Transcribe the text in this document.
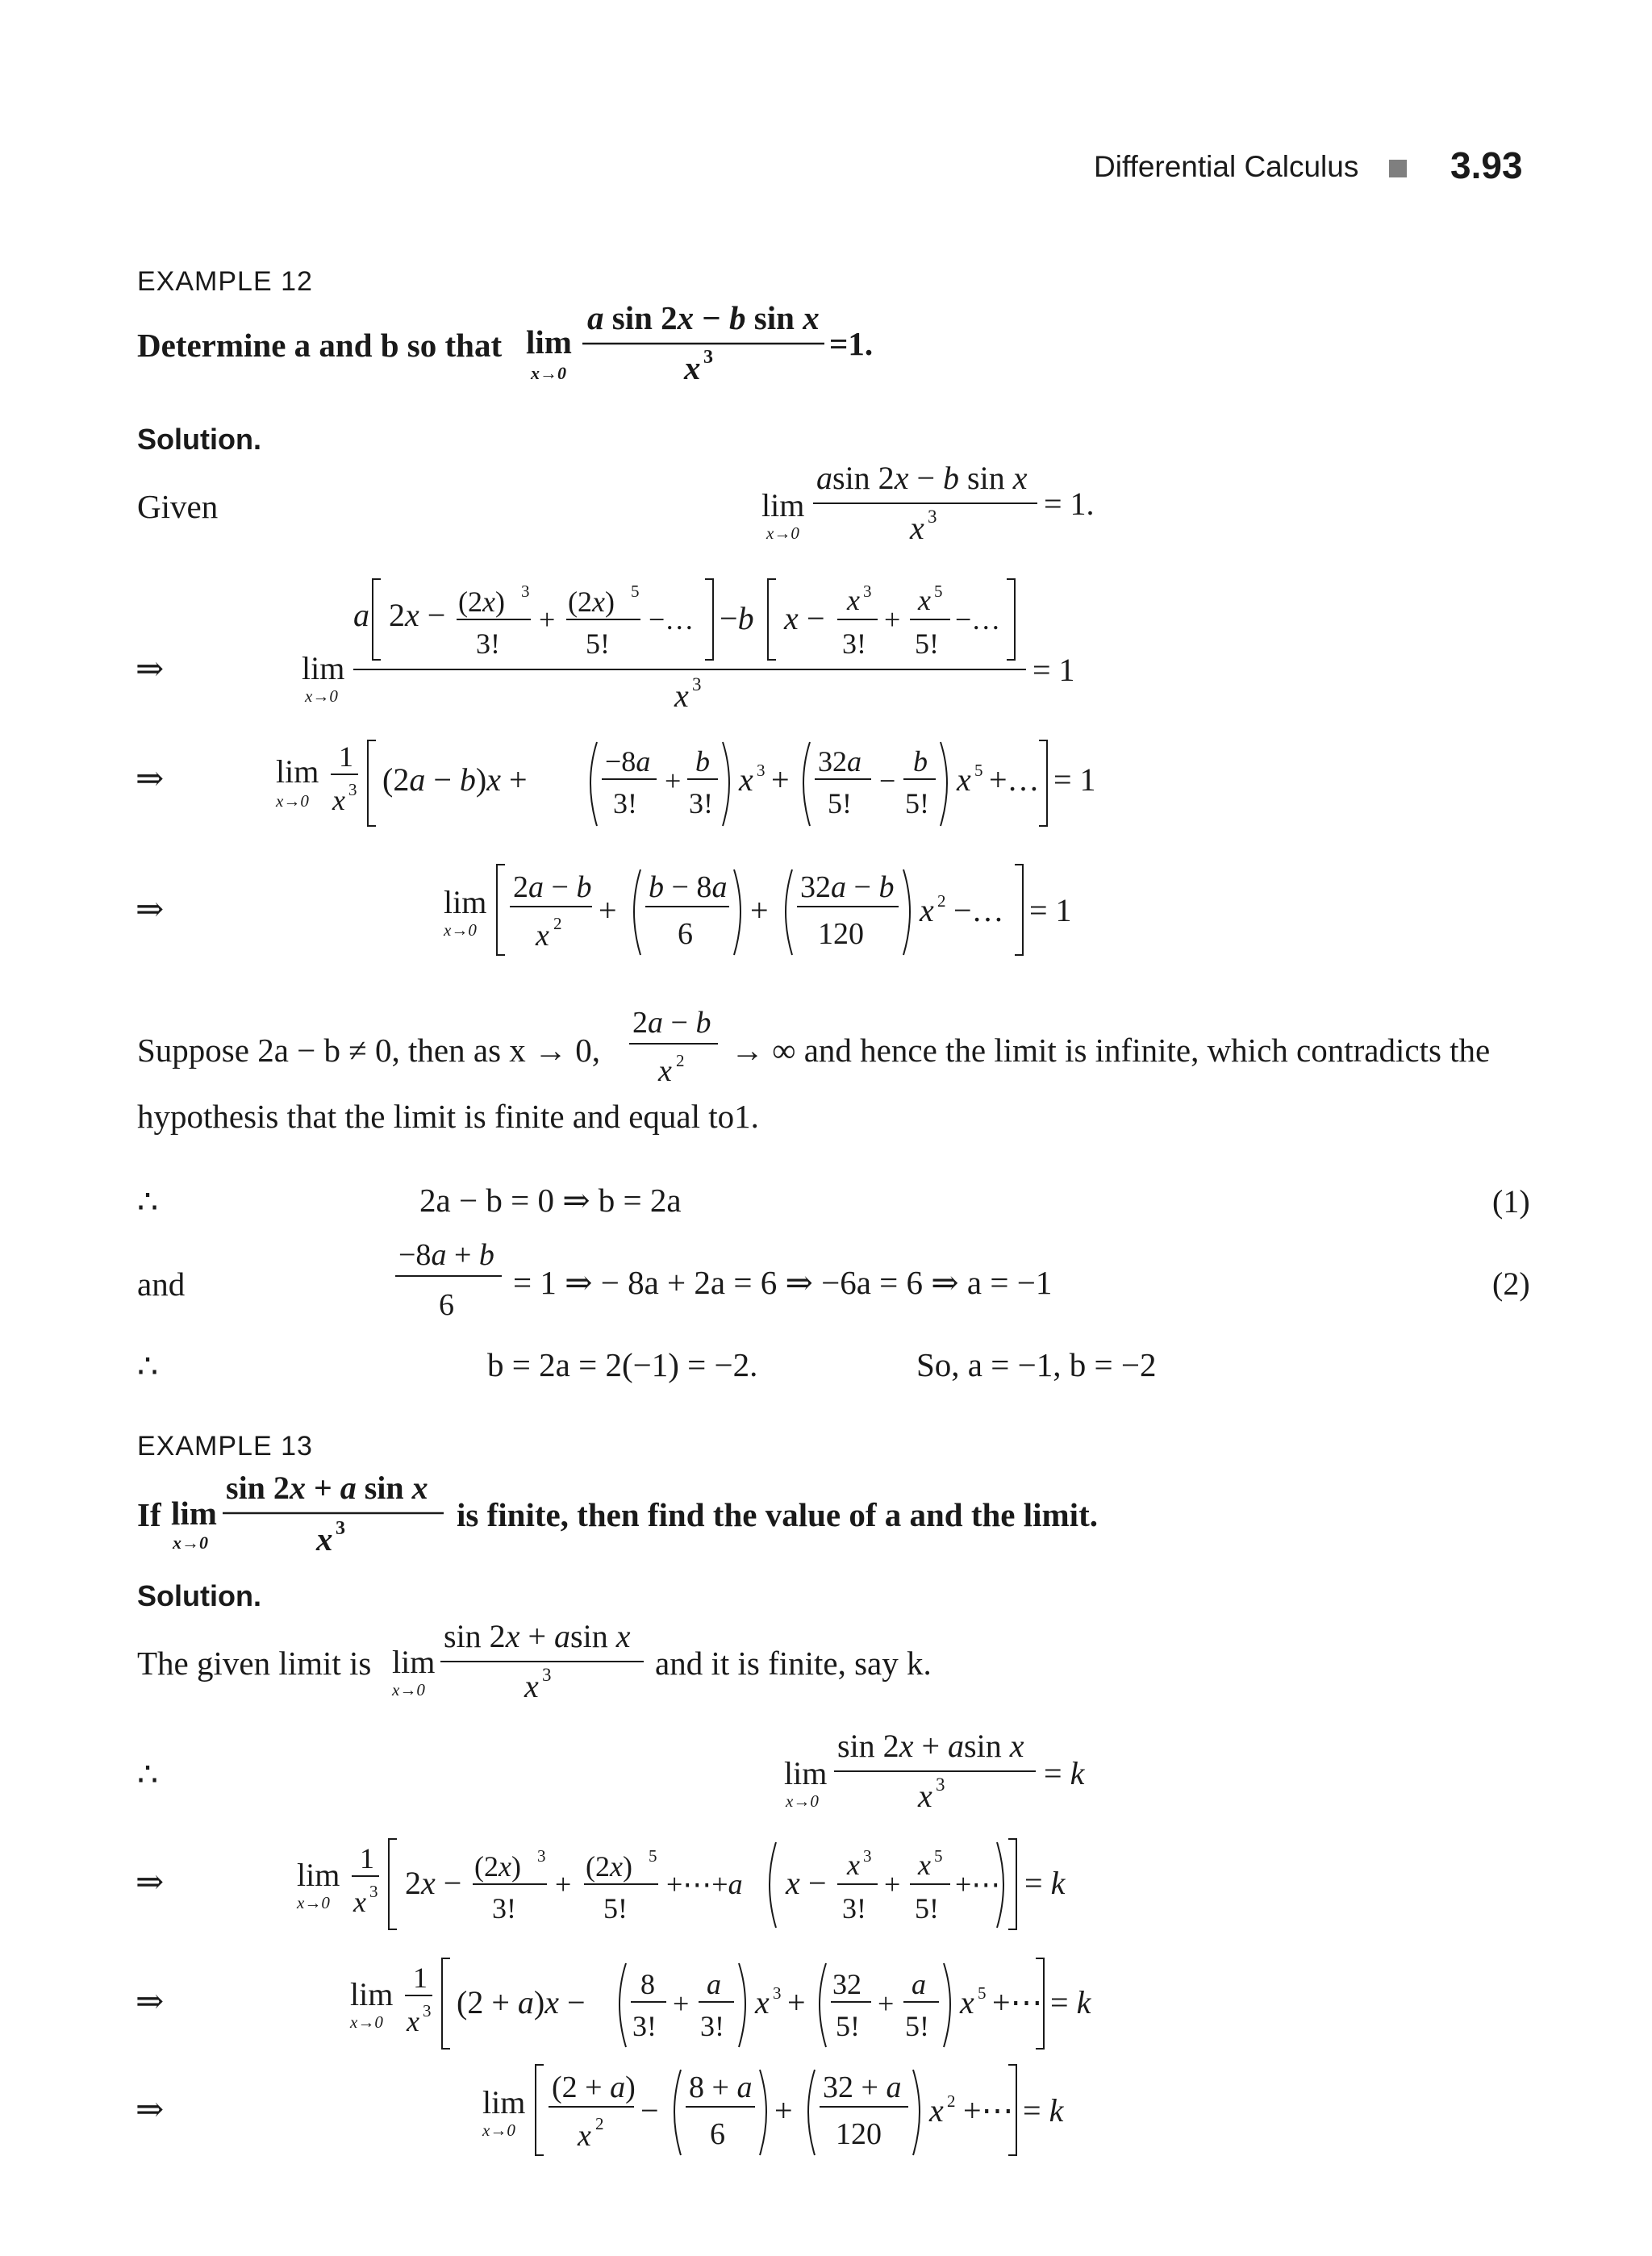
Differential Calculus 3.93
EXAMPLE 12
Determine a and b so that lim
x→0
a sin 2x − b sin x
x 3	=1.
Solution.
Given	lim
x→0
asin 2x − b sin x
x 3	= 1.
⇒	lim
x→0
a 2x − (2x) 3
3!
+
(2x) 5
5!
−… −b x − x 3
3!
+
x 5
5!
−…
x 3	= 1
⇒	lim
x→0
1
x 3 (2a − b)x +	−8a
3!
+
b
3!
x 3 + 32a
5!
−
b
5!
x 5 +… = 1
⇒	lim
x→0
2a − b
x 2 +
b − 8a
6
+
32a − b
120
x 2 −… = 1
Suppose 2a − b ≠ 0, then as x → 0,
2a − b
x 2 → ∞ and hence the limit is infinite, which contradicts the
hypothesis that the limit is finite and equal to1.
∴	2a − b = 0 ⇒ b = 2a	(1)
and
−8a + b
6
= 1 ⇒ − 8a + 2a = 6 ⇒ −6a = 6 ⇒ a = −1	(2)
∴	b = 2a = 2(−1) = −2.	So, a = −1, b = −2
EXAMPLE 13
If lim
x→0
sin 2x + a sin x
x 3	is finite, then find the value of a and the limit.
Solution.
The given limit is lim
x→0
sin 2x + asin x
x 3	and it is finite, say k.
∴	lim
x→0
sin 2x + asin x
x 3	= k
⇒	lim
x→0
1
x 3 2x − (2x) 3
3!
+
(2x) 5
5!
+⋯+a x − x 3
3!
+
x 5
5!
+⋯ = k
⇒	lim
x→0
1
x 3 (2 + a)x − 8
3!
+
a
3!
x 3 + 32
5!
+
a
5!
x 5 +⋯ = k
⇒	lim
x→0
(2 + a)
x 2 −
8 + a
6
+
32 + a
120
x 2 +⋯ = k
